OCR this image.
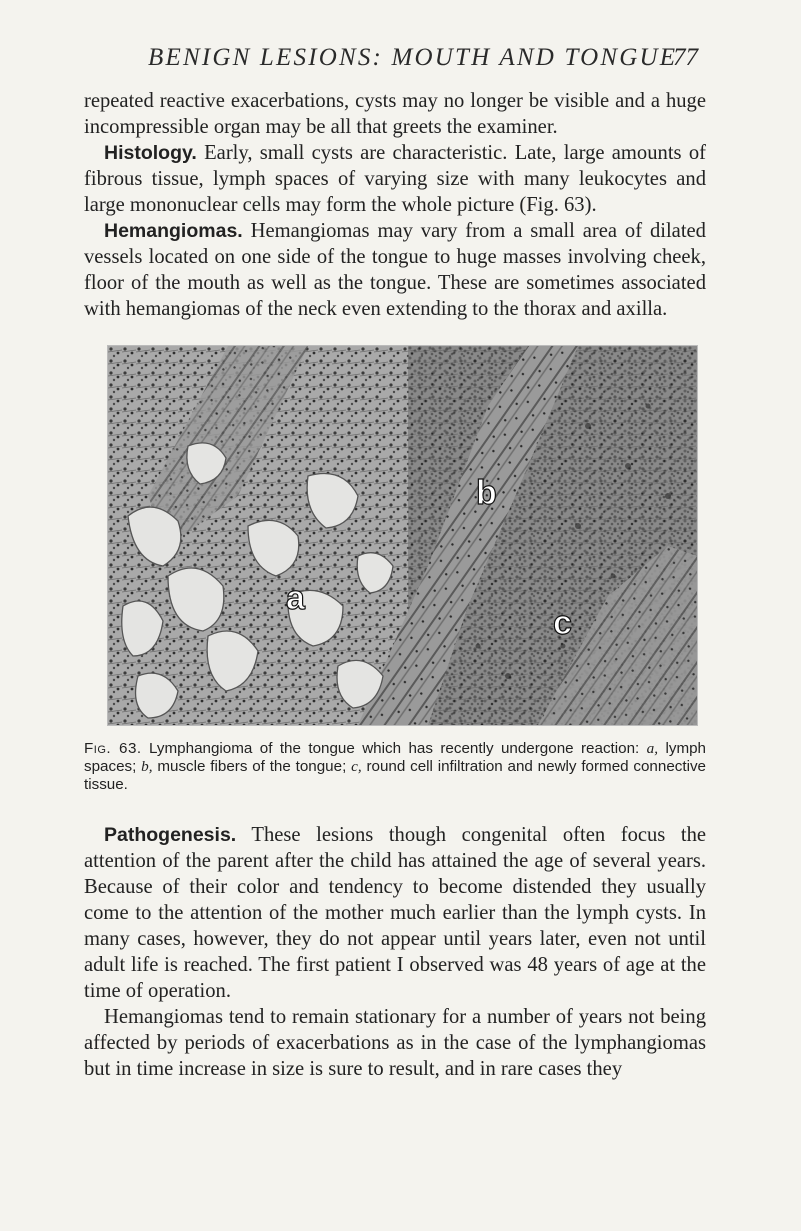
BENIGN LESIONS: MOUTH AND TONGUE
77

repeated reactive exacerbations, cysts may no longer be visible and a huge incompressible organ may be all that greets the examiner.

Histology. Early, small cysts are characteristic. Late, large amounts of fibrous tissue, lymph spaces of varying size with many leukocytes and large mononuclear cells may form the whole picture (Fig. 63).

Hemangiomas. Hemangiomas may vary from a small area of dilated vessels located on one side of the tongue to huge masses involving cheek, floor of the mouth as well as the tongue. These are sometimes associated with hemangiomas of the neck even extending to the thorax and axilla.

a
b
c
Fig. 63. Lymphangioma of the tongue which has recently undergone reaction: a, lymph spaces; b, muscle fibers of the tongue; c, round cell infiltration and newly formed connective tissue.

Pathogenesis. These lesions though congenital often focus the attention of the parent after the child has attained the age of several years. Because of their color and tendency to become distended they usually come to the attention of the mother much earlier than the lymph cysts. In many cases, however, they do not appear until years later, even not until adult life is reached. The first patient I observed was 48 years of age at the time of operation.

Hemangiomas tend to remain stationary for a number of years not being affected by periods of exacerbations as in the case of the lymphangiomas but in time increase in size is sure to result, and in rare cases they
